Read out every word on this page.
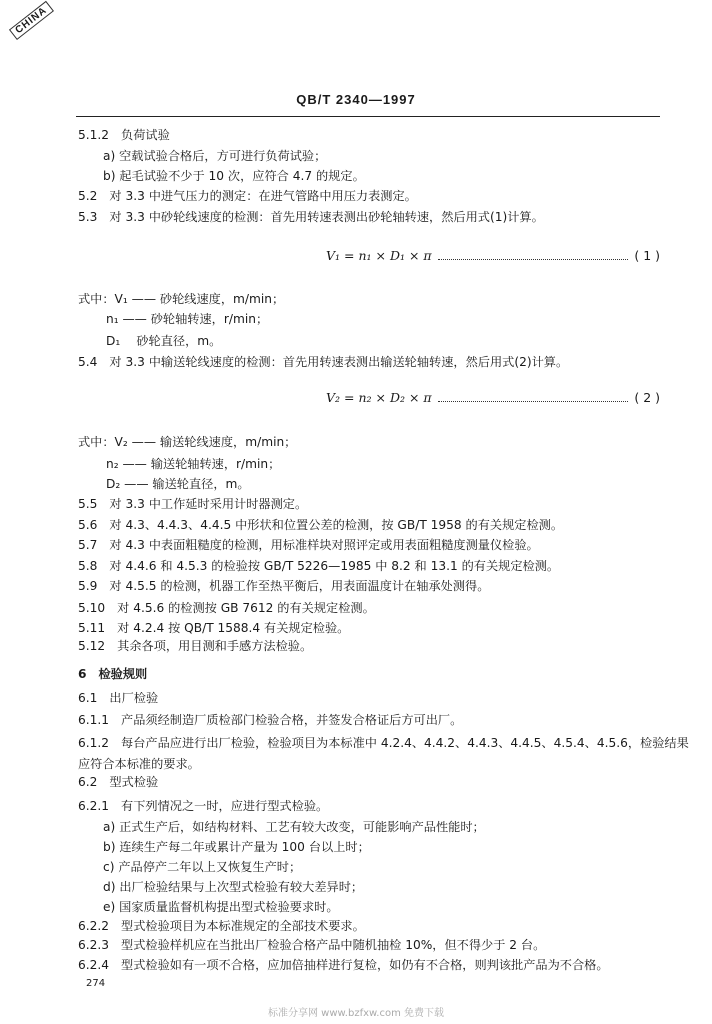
CHINA
QB/T 2340—1997
5.1.2 负荷试验
a) 空载试验合格后，方可进行负荷试验；
b) 起毛试验不少于 10 次，应符合 4.7 的规定。
5.2 对 3.3 中进气压力的测定：在进气管路中用压力表测定。
5.3 对 3.3 中砂轮线速度的检测：首先用转速表测出砂轮轴转速，然后用式(1)计算。
式中：V₁ —— 砂轮线速度，m/min；
n₁ —— 砂轮轴转速，r/min；
D₁　 砂轮直径，m。
5.4 对 3.3 中输送轮线速度的检测：首先用转速表测出输送轮轴转速，然后用式(2)计算。
式中：V₂ —— 输送轮线速度，m/min；
n₂ —— 输送轮轴转速，r/min；
D₂ —— 输送轮直径，m。
5.5 对 3.3 中工作延时采用计时器测定。
5.6 对 4.3、4.4.3、4.4.5 中形状和位置公差的检测，按 GB/T 1958 的有关规定检测。
5.7 对 4.3 中表面粗糙度的检测，用标准样块对照评定或用表面粗糙度测量仪检验。
5.8 对 4.4.6 和 4.5.3 的检验按 GB/T 5226—1985 中 8.2 和 13.1 的有关规定检测。
5.9 对 4.5.5 的检测，机器工作至热平衡后，用表面温度计在轴承处测得。
5.10 对 4.5.6 的检测按 GB 7612 的有关规定检测。
5.11 对 4.2.4 按 QB/T 1588.4 有关规定检验。
5.12 其余各项，用目测和手感方法检验。
6 检验规则
6.1 出厂检验
6.1.1 产品须经制造厂质检部门检验合格，并签发合格证后方可出厂。
6.1.2 每台产品应进行出厂检验，检验项目为本标准中 4.2.4、4.4.2、4.4.3、4.4.5、4.5.4、4.5.6，检验结果
应符合本标准的要求。
6.2 型式检验
6.2.1 有下列情况之一时，应进行型式检验。
a) 正式生产后，如结构材料、工艺有较大改变，可能影响产品性能时；
b) 连续生产每二年或累计产量为 100 台以上时；
c) 产品停产二年以上又恢复生产时；
d) 出厂检验结果与上次型式检验有较大差异时；
e) 国家质量监督机构提出型式检验要求时。
6.2.2 型式检验项目为本标准规定的全部技术要求。
6.2.3 型式检验样机应在当批出厂检验合格产品中随机抽检 10%，但不得少于 2 台。
6.2.4 型式检验如有一项不合格，应加倍抽样进行复检，如仍有不合格，则判该批产品为不合格。
V₁ = n₁ × D₁ × π	( 1 )
V₂ = n₂ × D₂ × π	( 2 )
274
标准分享网 www.bzfxw.com 免费下载
